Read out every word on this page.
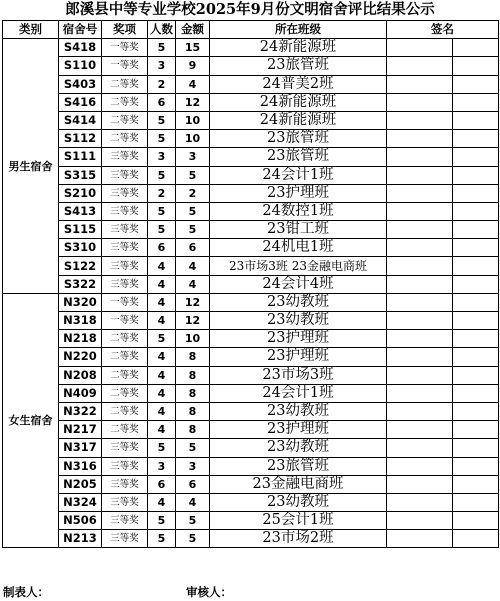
郎溪县中等专业学校2025年9月份文明宿舍评比结果公示
类别	宿舍号	奖项	人数	金额	所在班级	签名	
男生宿舍	S418	一等奖	5	15	24新能源班		
	S110	一等奖	3	9	23旅管班		
	S403	二等奖	2	4	24普美2班		
	S416	二等奖	6	12	24新能源班		
	S414	二等奖	5	10	24新能源班		
	S112	二等奖	5	10	23旅管班		
	S111	三等奖	3	3	23旅管班		
	S315	三等奖	5	5	24会计1班		
	S210	三等奖	2	2	23护理班		
	S413	三等奖	5	5	24数控1班		
	S115	三等奖	5	5	23钳工班		
	S310	三等奖	6	6	24机电1班		
	S122	三等奖	4	4	23市场3班 23金融电商班		
	S322	三等奖	4	4	24会计4班		
女生宿舍	N320	一等奖	4	12	23幼教班		
	N318	一等奖	4	12	23幼教班		
	N218	二等奖	5	10	23护理班		
	N220	二等奖	4	8	23护理班		
	N208	二等奖	4	8	23市场3班		
	N409	二等奖	4	8	24会计1班		
	N322	二等奖	4	8	23幼教班		
	N217	二等奖	4	8	23护理班		
	N317	三等奖	5	5	23幼教班		
	N316	三等奖	3	3	23旅管班		
	N205	三等奖	6	6	23金融电商班		
	N324	三等奖	4	4	23幼教班		
	N506	三等奖	5	5	25会计1班		
	N213	三等奖	5	5	23市场2班		
制表人：	审核人：
